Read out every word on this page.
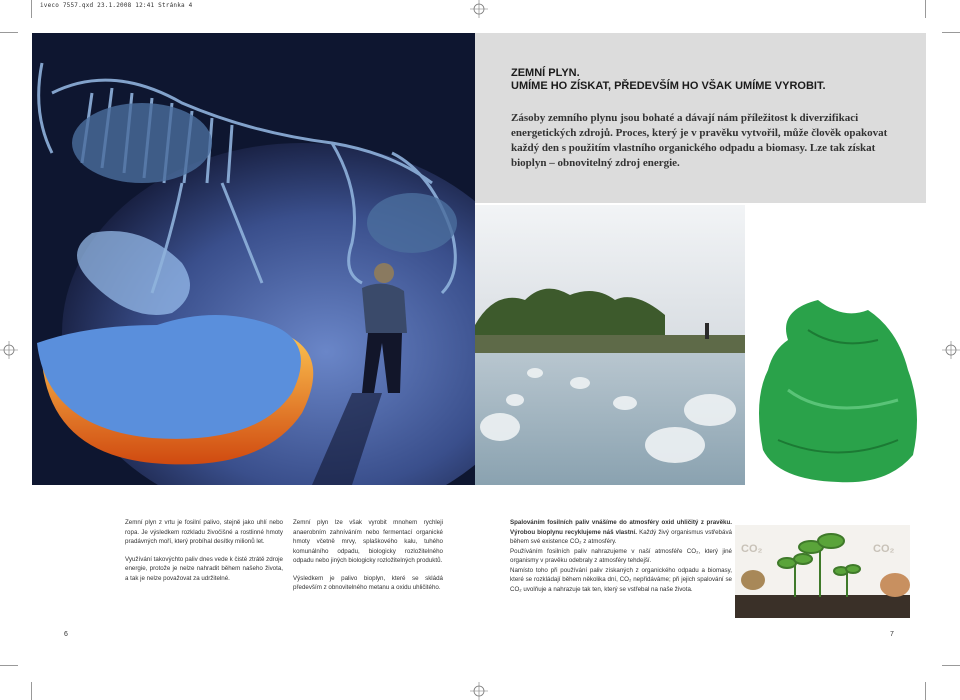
iveco 7557.qxd 23.1.2008 12:41 Stránka 4
ZEMNÍ PLYN.
UMÍME HO ZÍSKAT, PŘEDEVŠÍM HO VŠAK UMÍME VYROBIT.

Zásoby zemního plynu jsou bohaté a dávají nám příležitost k diverzifikaci energetických zdrojů. Proces, který je v pravěku vytvořil, může člověk opakovat každý den s použitím vlastního organického odpadu a biomasy. Lze tak získat bioplyn – obnovitelný zdroj energie.

Zemní plyn z vrtu je fosilní palivo, stejně jako uhlí nebo ropa. Je výsledkem rozkladu živočišné a rostlinné hmoty pradávných moří, který probíhal desítky milionů let.

Využívání takovýchto paliv dnes vede k čisté ztrátě zdroje energie, protože je nelze nahradit během našeho života, a tak je nelze považovat za udržitelné.

Zemní plyn lze však vyrobit mnohem rychleji anaerobním zahníváním nebo fermentací organické hmoty včetně mrvy, splaškového kalu, tuhého komunálního odpadu, biologicky rozložitelného odpadu nebo jiných biologicky rozložitelných produktů.

Výsledkem je palivo bioplyn, které se skládá především z obnovitelného metanu a oxidu uhličitého.

Spalováním fosilních paliv vnášíme do atmosféry oxid uhličitý z pravěku. Výrobou bioplynu recyklujeme náš vlastní. Každý živý organismus vstřebává během své existence CO₂ z atmosféry.

Používáním fosilních paliv nahrazujeme v naší atmosféře CO₂, který jiné organismy v pravěku odebraly z atmosféry tehdejší.

Namísto toho při používání paliv získaných z organického odpadu a biomasy, které se rozkládají během několika dní, CO₂ nepřidáváme; při jejich spalování se CO₂ uvolňuje a nahrazuje tak ten, který se vstřebal na naše života.

CO₂	CO₂
6	7
